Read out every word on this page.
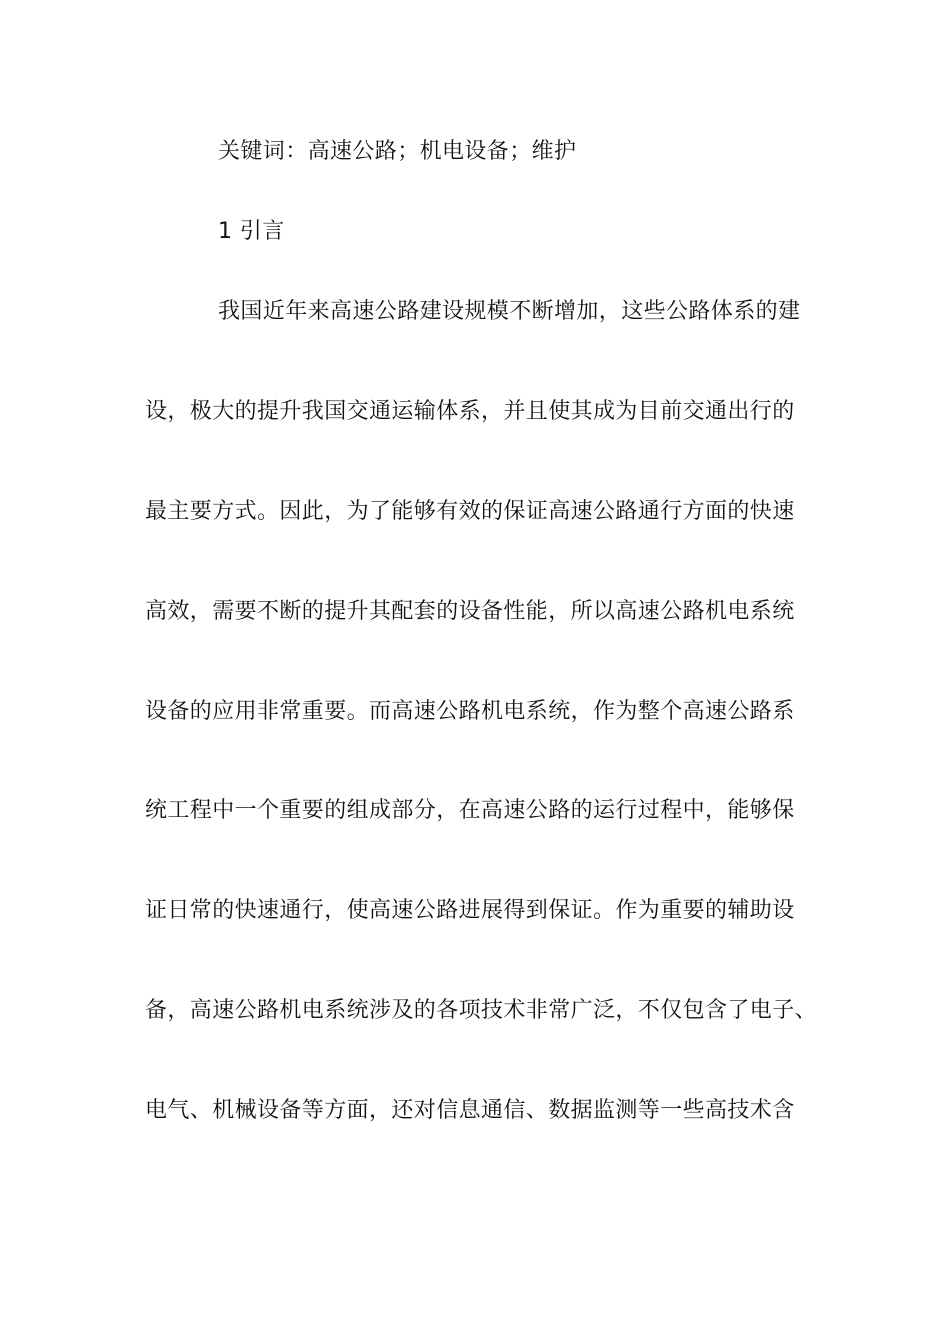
关键词：高速公路；机电设备；维护
1 引言
我国近年来高速公路建设规模不断增加，这些公路体系的建
设，极大的提升我国交通运输体系，并且使其成为目前交通出行的
最主要方式。因此，为了能够有效的保证高速公路通行方面的快速
高效，需要不断的提升其配套的设备性能，所以高速公路机电系统
设备的应用非常重要。而高速公路机电系统，作为整个高速公路系
统工程中一个重要的组成部分，在高速公路的运行过程中，能够保
证日常的快速通行，使高速公路进展得到保证。作为重要的辅助设
备，高速公路机电系统涉及的各项技术非常广泛，不仅包含了电子、
电气、机械设备等方面，还对信息通信、数据监测等一些高技术含
